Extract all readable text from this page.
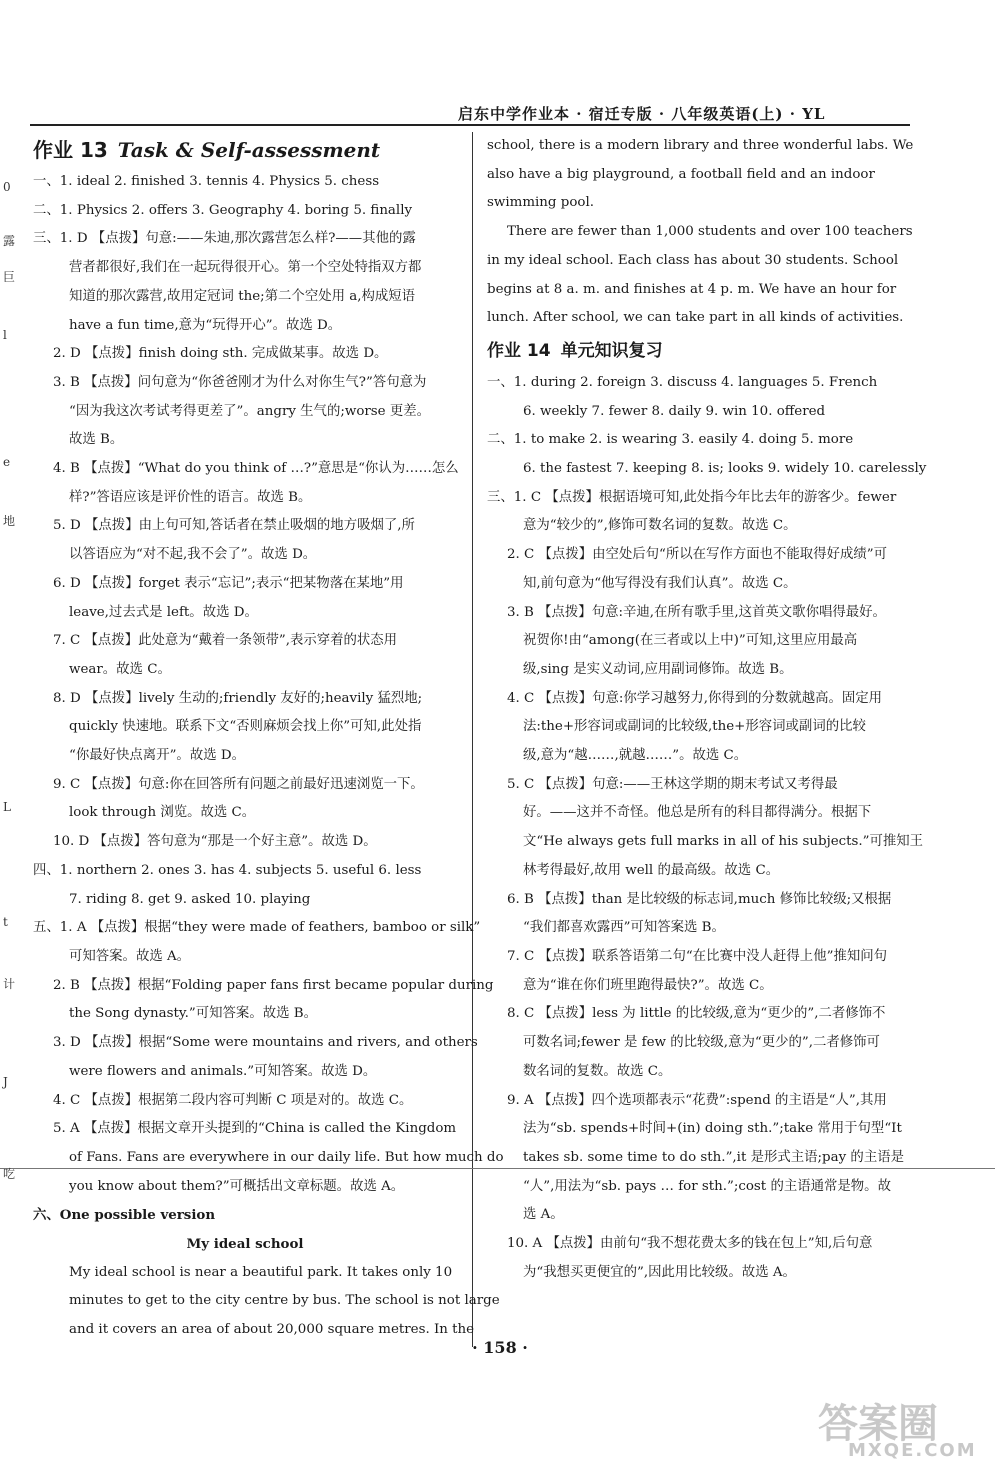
启东中学作业本 · 宿迁专版 · 八年级英语(上) · YL
0
露
巨
l
e
地
L
t
计
J
吃
作业 13 Task & Self-assessment
一、1. ideal 2. finished 3. tennis 4. Physics 5. chess
二、1. Physics 2. offers 3. Geography 4. boring 5. finally
三、1. D 【点拨】句意:——朱迪,那次露营怎么样?——其他的露
营者都很好,我们在一起玩得很开心。第一个空处特指双方都
知道的那次露营,故用定冠词 the;第二个空处用 a,构成短语
have a fun time,意为“玩得开心”。故选 D。
2. D 【点拨】finish doing sth. 完成做某事。故选 D。
3. B 【点拨】问句意为“你爸爸刚才为什么对你生气?”答句意为
“因为我这次考试考得更差了”。angry 生气的;worse 更差。
故选 B。
4. B 【点拨】“What do you think of …?”意思是“你认为……怎么
样?”答语应该是评价性的语言。故选 B。
5. D 【点拨】由上句可知,答话者在禁止吸烟的地方吸烟了,所
以答语应为“对不起,我不会了”。故选 D。
6. D 【点拨】forget 表示“忘记”;表示“把某物落在某地”用
leave,过去式是 left。故选 D。
7. C 【点拨】此处意为“戴着一条领带”,表示穿着的状态用
wear。故选 C。
8. D 【点拨】lively 生动的;friendly 友好的;heavily 猛烈地;
quickly 快速地。联系下文“否则麻烦会找上你”可知,此处指
“你最好快点离开”。故选 D。
9. C 【点拨】句意:你在回答所有问题之前最好迅速浏览一下。
look through 浏览。故选 C。
10. D 【点拨】答句意为“那是一个好主意”。故选 D。
四、1. northern 2. ones 3. has 4. subjects 5. useful 6. less
7. riding 8. get 9. asked 10. playing
五、1. A 【点拨】根据“they were made of feathers, bamboo or silk”
可知答案。故选 A。
2. B 【点拨】根据“Folding paper fans first became popular during
the Song dynasty.”可知答案。故选 B。
3. D 【点拨】根据“Some were mountains and rivers, and others
were flowers and animals.”可知答案。故选 D。
4. C 【点拨】根据第二段内容可判断 C 项是对的。故选 C。
5. A 【点拨】根据文章开头提到的“China is called the Kingdom
of Fans. Fans are everywhere in our daily life. But how much do
you know about them?”可概括出文章标题。故选 A。
六、One possible version
My ideal school
My ideal school is near a beautiful park. It takes only 10
minutes to get to the city centre by bus. The school is not large
and it covers an area of about 20,000 square metres. In the
school, there is a modern library and three wonderful labs. We
also have a big playground, a football field and an indoor
swimming pool.
There are fewer than 1,000 students and over 100 teachers
in my ideal school. Each class has about 30 students. School
begins at 8 a. m. and finishes at 4 p. m. We have an hour for
lunch. After school, we can take part in all kinds of activities.
作业 14 单元知识复习
一、1. during 2. foreign 3. discuss 4. languages 5. French
6. weekly 7. fewer 8. daily 9. win 10. offered
二、1. to make 2. is wearing 3. easily 4. doing 5. more
6. the fastest 7. keeping 8. is; looks 9. widely 10. carelessly
三、1. C 【点拨】根据语境可知,此处指今年比去年的游客少。fewer
意为“较少的”,修饰可数名词的复数。故选 C。
2. C 【点拨】由空处后句“所以在写作方面也不能取得好成绩”可
知,前句意为“他写得没有我们认真”。故选 C。
3. B 【点拨】句意:辛迪,在所有歌手里,这首英文歌你唱得最好。
祝贺你!由“among(在三者或以上中)”可知,这里应用最高
级,sing 是实义动词,应用副词修饰。故选 B。
4. C 【点拨】句意:你学习越努力,你得到的分数就越高。固定用
法:the+形容词或副词的比较级,the+形容词或副词的比较
级,意为“越……,就越……”。故选 C。
5. C 【点拨】句意:——王林这学期的期末考试又考得最
好。——这并不奇怪。他总是所有的科目都得满分。根据下
文“He always gets full marks in all of his subjects.”可推知王
林考得最好,故用 well 的最高级。故选 C。
6. B 【点拨】than 是比较级的标志词,much 修饰比较级;又根据
“我们都喜欢露西”可知答案选 B。
7. C 【点拨】联系答语第二句“在比赛中没人赶得上他”推知问句
意为“谁在你们班里跑得最快?”。故选 C。
8. C 【点拨】less 为 little 的比较级,意为“更少的”,二者修饰不
可数名词;fewer 是 few 的比较级,意为“更少的”,二者修饰可
数名词的复数。故选 C。
9. A 【点拨】四个选项都表示“花费”:spend 的主语是“人”,其用
法为“sb. spends+时间+(in) doing sth.”;take 常用于句型“It
takes sb. some time to do sth.”,it 是形式主语;pay 的主语是
“人”,用法为“sb. pays … for sth.”;cost 的主语通常是物。故
选 A。
10. A 【点拨】由前句“我不想花费太多的钱在包上”知,后句意
为“我想买更便宜的”,因此用比较级。故选 A。
· 158 ·
答案圈
MXQE.COM
